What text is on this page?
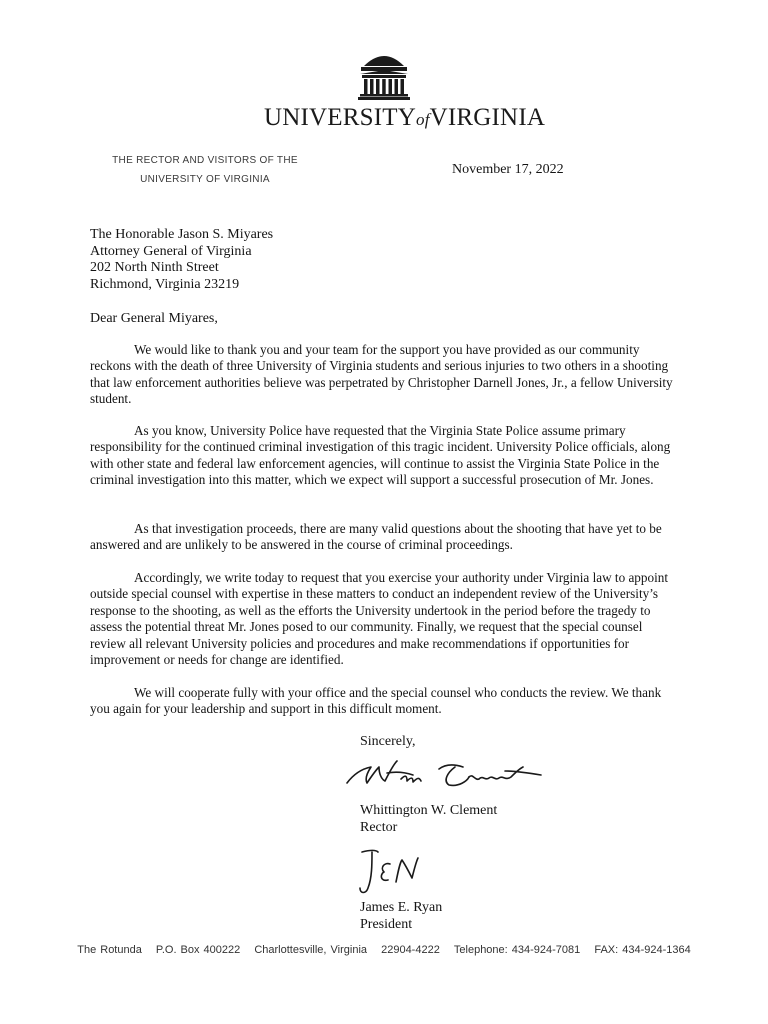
UNIVERSITYofVIRGINIA
THE RECTOR AND VISITORS OF THE
UNIVERSITY OF VIRGINIA
November 17, 2022
The Honorable Jason S. Miyares
Attorney General of Virginia
202 North Ninth Street
Richmond, Virginia 23219
Dear General Miyares,

We would like to thank you and your team for the support you have provided as our community reckons with the death of three University of Virginia students and serious injuries to two others in a shooting that law enforcement authorities believe was perpetrated by Christopher Darnell Jones, Jr., a fellow University student.

As you know, University Police have requested that the Virginia State Police assume primary responsibility for the continued criminal investigation of this tragic incident. University Police officials, along with other state and federal law enforcement agencies, will continue to assist the Virginia State Police in the criminal investigation into this matter, which we expect will support a successful prosecution of Mr. Jones.

As that investigation proceeds, there are many valid questions about the shooting that have yet to be answered and are unlikely to be answered in the course of criminal proceedings.

Accordingly, we write today to request that you exercise your authority under Virginia law to appoint outside special counsel with expertise in these matters to conduct an independent review of the University’s response to the shooting, as well as the efforts the University undertook in the period before the tragedy to assess the potential threat Mr. Jones posed to our community. Finally, we request that the special counsel review all relevant University policies and procedures and make recommendations if opportunities for improvement or needs for change are identified.

We will cooperate fully with your office and the special counsel who conducts the review. We thank you again for your leadership and support in this difficult moment.

Sincerely,
Whittington W. Clement
Rector
James E. Ryan
President
The Rotunda P.O. Box 400222 Charlottesville, Virginia 22904-4222 Telephone: 434-924-7081 FAX: 434-924-1364
